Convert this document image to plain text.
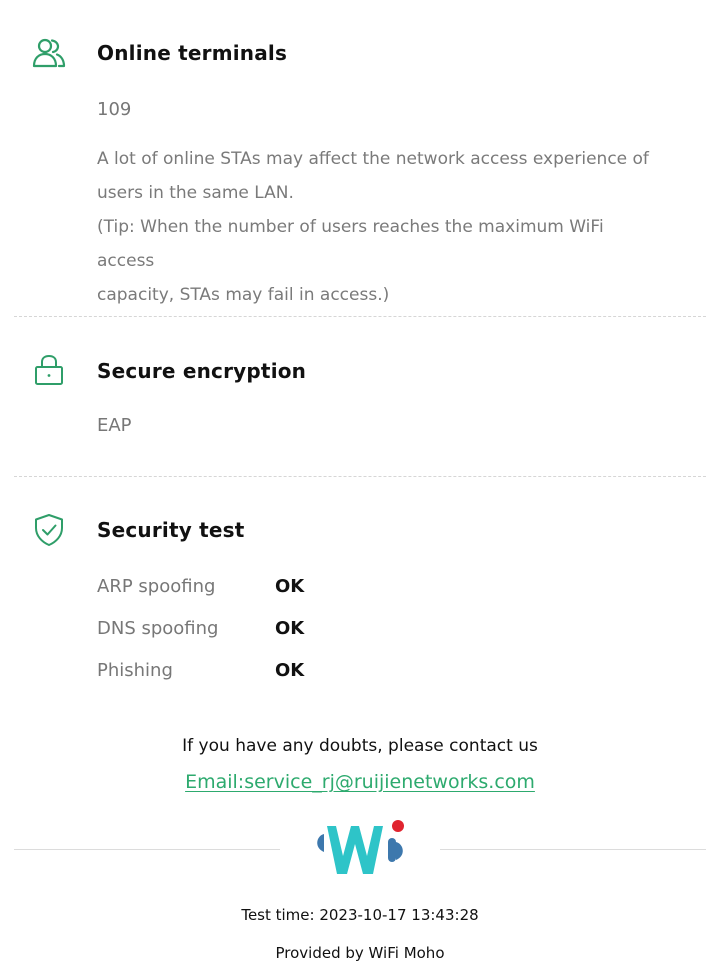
Online terminals
109
A lot of online STAs may affect the network access experience of
users in the same LAN.
(Tip: When the number of users reaches the maximum WiFi access
capacity, STAs may fail in access.)
Secure encryption
EAP
Security test
ARP spoofing	OK
DNS spoofing	OK
Phishing	OK
If you have any doubts, please contact us
Email:service_rj@ruijienetworks.com
Test time: 2023-10-17 13:43:28
Provided by WiFi Moho
